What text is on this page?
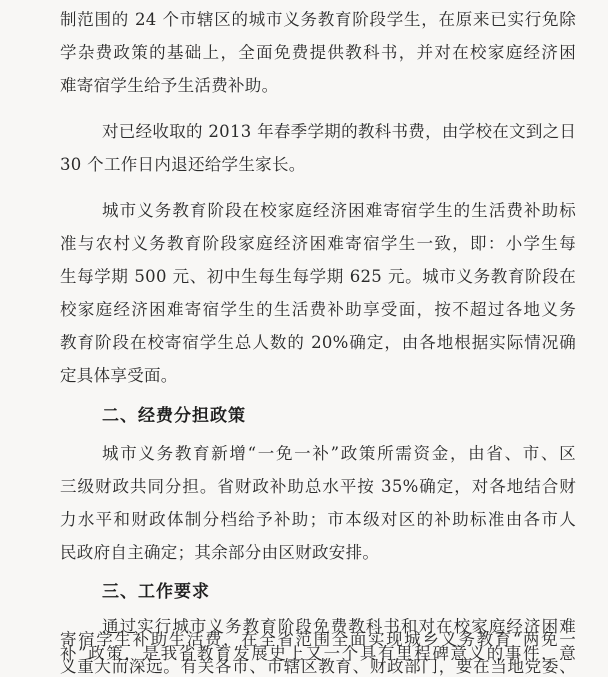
制范围的 24 个市辖区的城市义务教育阶段学生，在原来已实行免除
学杂费政策的基础上，全面免费提供教科书，并对在校家庭经济困
难寄宿学生给予生活费补助。
对已经收取的 2013 年春季学期的教科书费，由学校在文到之日
30 个工作日内退还给学生家长。
城市义务教育阶段在校家庭经济困难寄宿学生的生活费补助标
准与农村义务教育阶段家庭经济困难寄宿学生一致，即：小学生每
生每学期 500 元、初中生每生每学期 625 元。城市义务教育阶段在
校家庭经济困难寄宿学生的生活费补助享受面，按不超过各地义务
教育阶段在校寄宿学生总人数的 20%确定，由各地根据实际情况确
定具体享受面。
二、经费分担政策
城市义务教育新增“一免一补”政策所需资金，由省、市、区
三级财政共同分担。省财政补助总水平按 35%确定，对各地结合财
力水平和财政体制分档给予补助；市本级对区的补助标准由各市人
民政府自主确定；其余部分由区财政安排。
三、工作要求
通过实行城市义务教育阶段免费教科书和对在校家庭经济困难
寄宿学生补助生活费，在全省范围全面实现城乡义务教育“两免一
补”政策，是我省教育发展史上又一个具有里程碑意义的事件，意
义重大而深远。有关各市、市辖区教育、财政部门，要在当地党委、
